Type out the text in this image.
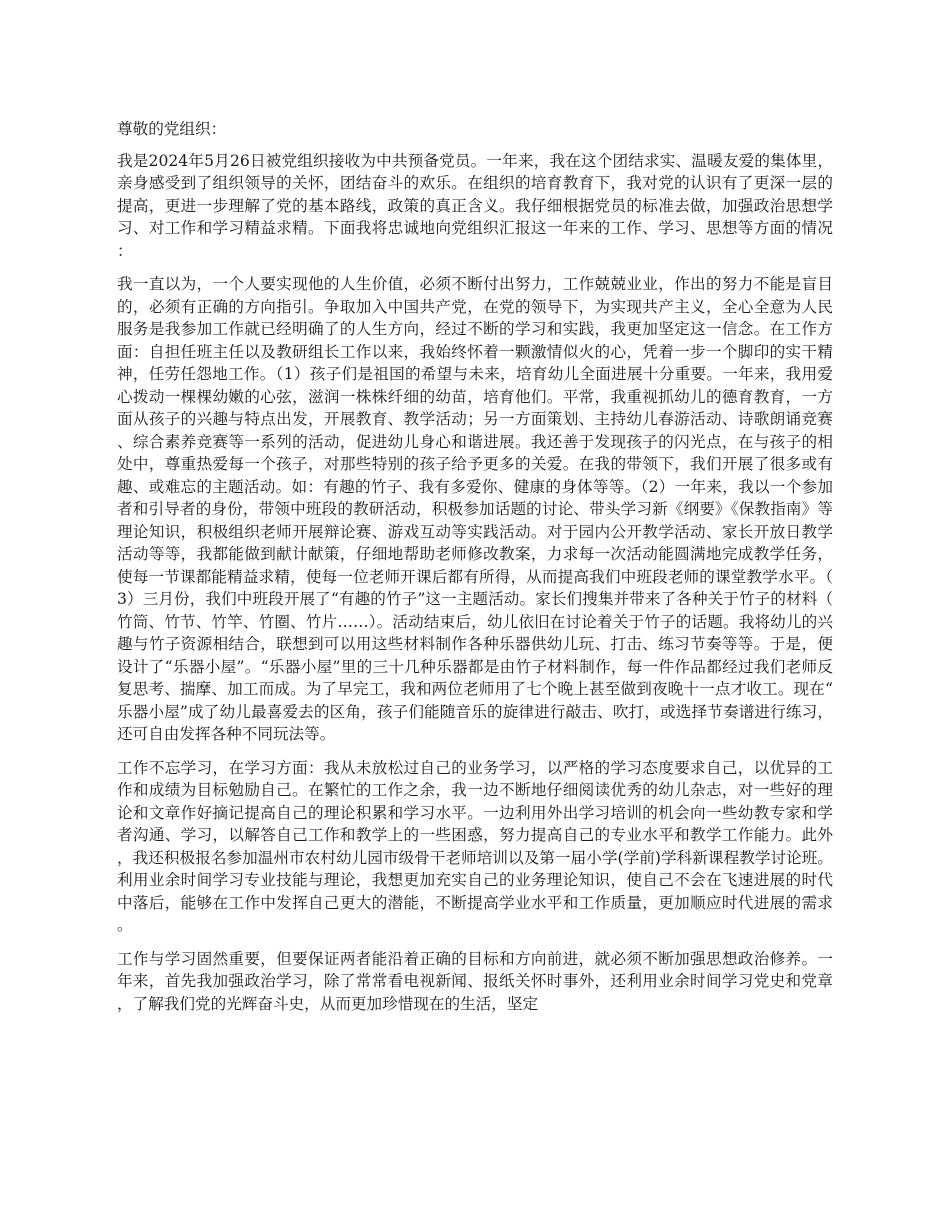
尊敬的党组织：

我是2024年5月26日被党组织接收为中共预备党员。一年来，我在这个团结求实、温暖友爱的集体里，亲身感受到了组织领导的关怀，团结奋斗的欢乐。在组织的培育教育下，我对党的认识有了更深一层的提高，更进一步理解了党的基本路线，政策的真正含义。我仔细根据党员的标准去做，加强政治思想学习、对工作和学习精益求精。下面我将忠诚地向党组织汇报这一年来的工作、学习、思想等方面的情况：

我一直以为，一个人要实现他的人生价值，必须不断付出努力，工作兢兢业业，作出的努力不能是盲目的，必须有正确的方向指引。争取加入中国共产党，在党的领导下，为实现共产主义，全心全意为人民服务是我参加工作就已经明确了的人生方向，经过不断的学习和实践，我更加坚定这一信念。在工作方面：自担任班主任以及教研组长工作以来，我始终怀着一颗激情似火的心，凭着一步一个脚印的实干精神，任劳任怨地工作。（1）孩子们是祖国的希望与未来，培育幼儿全面进展十分重要。一年来，我用爱心拨动一棵棵幼嫩的心弦，滋润一株株纤细的幼苗，培育他们。平常，我重视抓幼儿的德育教育，一方面从孩子的兴趣与特点出发，开展教育、教学活动；另一方面策划、主持幼儿春游活动、诗歌朗诵竞赛、综合素养竞赛等一系列的活动，促进幼儿身心和谐进展。我还善于发现孩子的闪光点，在与孩子的相处中，尊重热爱每一个孩子，对那些特别的孩子给予更多的关爱。在我的带领下，我们开展了很多或有趣、或难忘的主题活动。如：有趣的竹子、我有多爱你、健康的身体等等。（2）一年来，我以一个参加者和引导者的身份，带领中班段的教研活动，积极参加话题的讨论、带头学习新《纲要》《保教指南》等理论知识，积极组织老师开展辩论赛、游戏互动等实践活动。对于园内公开教学活动、家长开放日教学活动等等，我都能做到献计献策，仔细地帮助老师修改教案，力求每一次活动能圆满地完成教学任务，使每一节课都能精益求精，使每一位老师开课后都有所得，从而提高我们中班段老师的课堂教学水平。（3）三月份，我们中班段开展了“有趣的竹子”这一主题活动。家长们搜集并带来了各种关于竹子的材料（竹筒、竹节、竹竿、竹圈、竹片……）。活动结束后，幼儿依旧在讨论着关于竹子的话题。我将幼儿的兴趣与竹子资源相结合，联想到可以用这些材料制作各种乐器供幼儿玩、打击、练习节奏等等。于是，便设计了“乐器小屋”。“乐器小屋”里的三十几种乐器都是由竹子材料制作，每一件作品都经过我们老师反复思考、揣摩、加工而成。为了早完工，我和两位老师用了七个晚上甚至做到夜晚十一点才收工。现在“乐器小屋”成了幼儿最喜爱去的区角，孩子们能随音乐的旋律进行敲击、吹打，或选择节奏谱进行练习，还可自由发挥各种不同玩法等。

工作不忘学习，在学习方面：我从未放松过自己的业务学习，以严格的学习态度要求自己，以优异的工作和成绩为目标勉励自己。在繁忙的工作之余，我一边不断地仔细阅读优秀的幼儿杂志，对一些好的理论和文章作好摘记提高自己的理论积累和学习水平。一边利用外出学习培训的机会向一些幼教专家和学者沟通、学习，以解答自己工作和教学上的一些困惑，努力提高自己的专业水平和教学工作能力。此外，我还积极报名参加温州市农村幼儿园市级骨干老师培训以及第一届小学(学前)学科新课程教学讨论班。利用业余时间学习专业技能与理论，我想更加充实自己的业务理论知识，使自己不会在飞速进展的时代中落后，能够在工作中发挥自己更大的潜能，不断提高学业水平和工作质量，更加顺应时代进展的需求。

工作与学习固然重要，但要保证两者能沿着正确的目标和方向前进，就必须不断加强思想政治修养。一年来，首先我加强政治学习，除了常常看电视新闻、报纸关怀时事外，还利用业余时间学习党史和党章，了解我们党的光辉奋斗史，从而更加珍惜现在的生活，坚定
